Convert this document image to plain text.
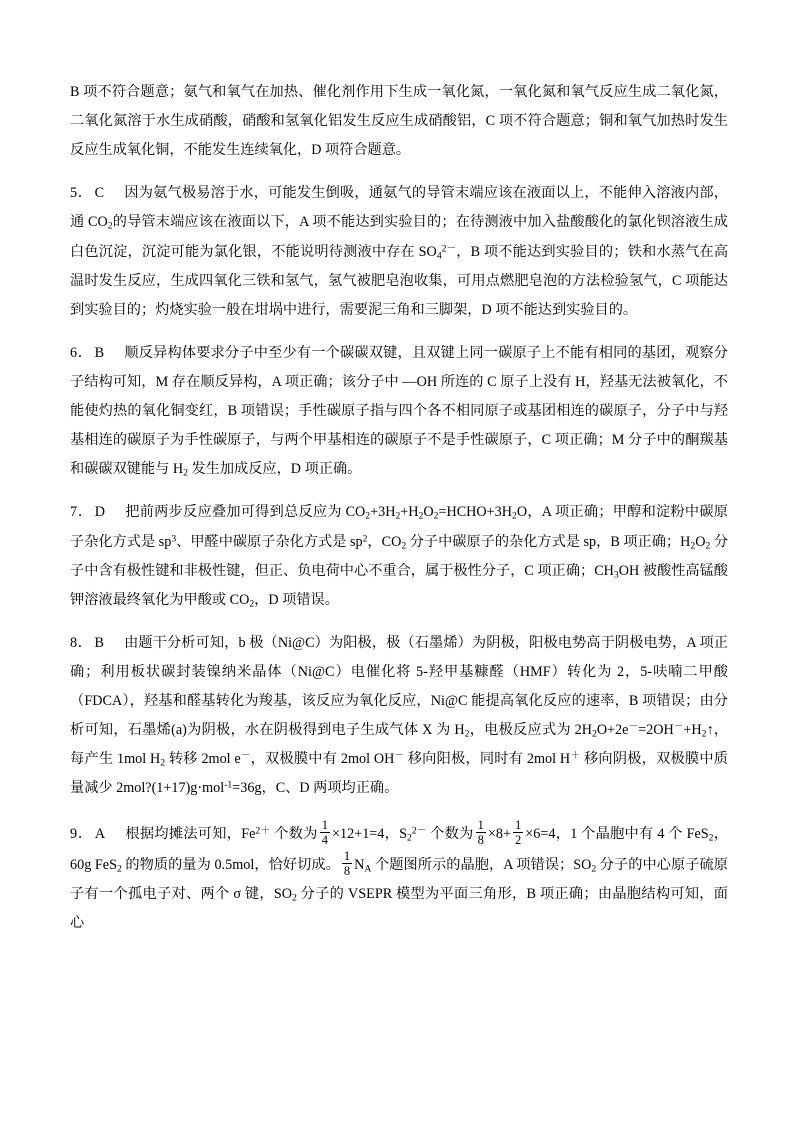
B 项不符合题意；氨气和氧气在加热、催化剂作用下生成一氧化氮，一氧化氮和氧气反应生成二氧化氮，二氧化氮溶于水生成硝酸，硝酸和氢氧化铝发生反应生成硝酸铝，C 项不符合题意；铜和氧气加热时发生反应生成氧化铜，不能发生连续氧化，D 项符合题意。
5． C 因为氨气极易溶于水，可能发生倒吸，通氨气的导管末端应该在液面以上，不能伸入溶液内部，通 $CO_2$的导管末端应该在液面以下，A 项不能达到实验目的；在待测液中加入盐酸酸化的氯化钡溶液生成白色沉淀，沉淀可能为氯化银，不能说明待测液中存在 $SO_4^{2-}$，B 项不能达到实验目的；铁和水蒸气在高温时发生反应，生成四氧化三铁和氢气，氢气被肥皂泡收集，可用点燃肥皂泡的方法检验氢气，C 项能达到实验目的；灼烧实验一般在坩埚中进行，需要泥三角和三脚架，D 项不能达到实验目的。
6． B 顺反异构体要求分子中至少有一个碳碳双键，且双键上同一碳原子上不能有相同的基团，观察分子结构可知，M 存在顺反异构，A 项正确；该分子中 —OH 所连的 C 原子上没有 H，羟基无法被氧化，不能使灼热的氧化铜变红，B 项错误；手性碳原子指与四个各不相同原子或基团相连的碳原子，分子中与羟基相连的碳原子为手性碳原子，与两个甲基相连的碳原子不是手性碳原子，C 项正确；M 分子中的酮羰基和碳碳双键能与 $H_2$ 发生加成反应，D 项正确。
7． D 把前两步反应叠加可得到总反应为 $CO_2+3H_2+H_2O_2=HCHO+3H_2O$，A 项正确；甲醇和淀粉中碳原子杂化方式是 $sp^3$、甲醛中碳原子杂化方式是 $sp^2$，$CO_2$ 分子中碳原子的杂化方式是 sp，B 项正确；$H_2O_2$ 分子中含有极性键和非极性键，但正、负电荷中心不重合，属于极性分子，C 项正确；$CH_3OH$ 被酸性高锰酸钾溶液最终氧化为甲酸或 $CO_2$，D 项错误。
8． B 由题干分析可知，b 极（Ni@C）为阳极，极（石墨烯）为阴极，阳极电势高于阴极电势，A 项正确；利用板状碳封装镍纳米晶体（Ni@C）电催化将 5-羟甲基糠醛（HMF）转化为 2，5-呋喃二甲酸（FDCA），羟基和醛基转化为羧基，该反应为氧化反应，Ni@C 能提高氧化反应的速率，B 项错误；由分析可知，石墨烯(a)为阴极，水在阴极得到电子生成气体 X 为 $H_2$，电极反应式为 $2H_2O+2e^-=2OH^-+H_2↑$，每产生 1mol $H_2$ 转移 2mol e－，双极膜中有 2mol OH－ 移向阳极，同时有 2mol H＋ 移向阴极，双极膜中质量减少 2mol?(1+17)g·mol$^{-1}$=36g，C、D 两项均正确。
9． A 根据均摊法可知，$Fe^{2+}$ 个数为 $\frac{1}{4} \times 12+1=4$，$S_2^{2-}$ 个数为 $\frac{1}{8} \times 8+ \frac{1}{2} \times 6=4$，1 个晶胞中有 4 个 FeS$_2$，60g FeS$_2$ 的物质的量为 0.5mol，恰好切成。 $\frac{1}{8} N_A$ 个题图所示的晶胞，A 项错误；$SO_2$ 分子的中心原子硫原子有一个孤电子对、两个 σ 键，$SO_2$ 分子的 VSEPR 模型为平面三角形，B 项正确；由晶胞结构可知，面心
